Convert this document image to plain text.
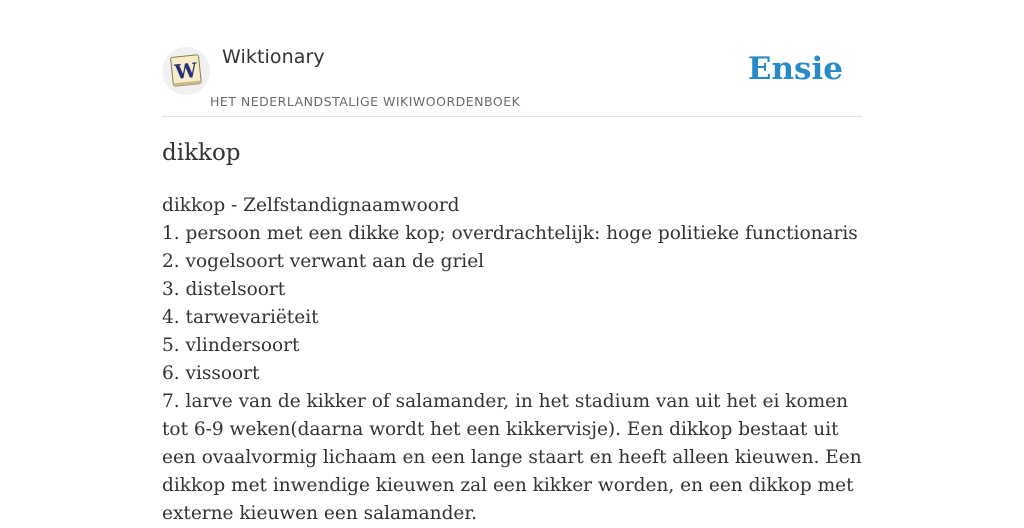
W
Wiktionary
HET NEDERLANDSTALIGE WIKIWOORDENBOEK
Ensie
dikkop
dikkop - Zelfstandignaamwoord
1. persoon met een dikke kop; overdrachtelijk: hoge politieke functionaris
2. vogelsoort verwant aan de griel
3. distelsoort
4. tarwevariëteit
5. vlindersoort
6. vissoort
7. larve van de kikker of salamander, in het stadium van uit het ei komen tot 6-9 weken(daarna wordt het een kikkervisje). Een dikkop bestaat uit een ovaalvormig lichaam en een lange staart en heeft alleen kieuwen. Een dikkop met inwendige kieuwen zal een kikker worden, en een dikkop met externe kieuwen een salamander.
